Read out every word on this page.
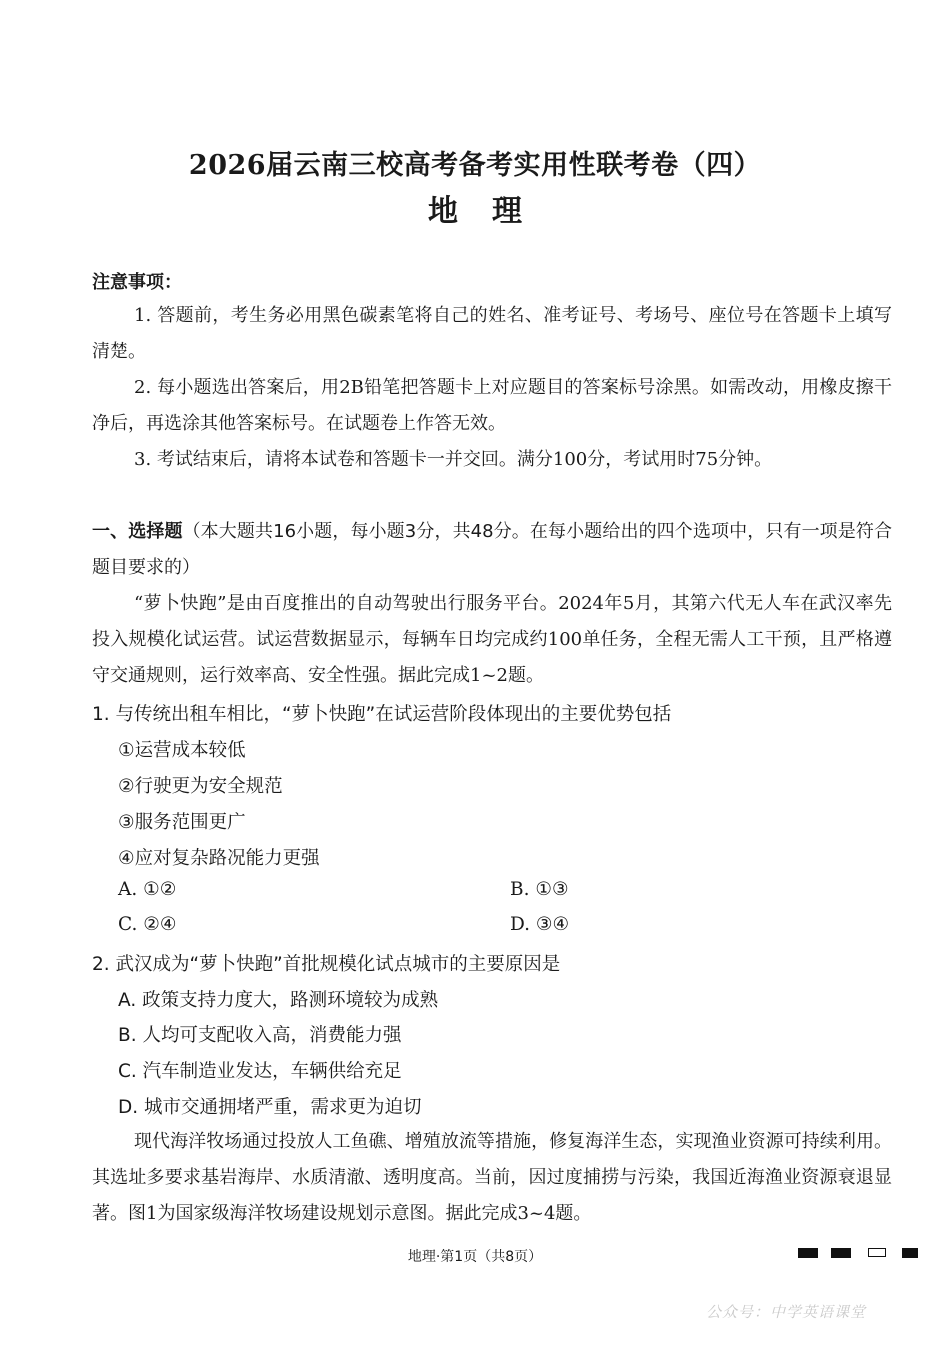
2026届云南三校高考备考实用性联考卷（四）
地 理
注意事项：
1. 答题前，考生务必用黑色碳素笔将自己的姓名、准考证号、考场号、座位号在答题卡上填写清楚。
2. 每小题选出答案后，用2B铅笔把答题卡上对应题目的答案标号涂黑。如需改动，用橡皮擦干净后，再选涂其他答案标号。在试题卷上作答无效。
3. 考试结束后，请将本试卷和答题卡一并交回。满分100分，考试用时75分钟。
一、选择题（本大题共16小题，每小题3分，共48分。在每小题给出的四个选项中，只有一项是符合题目要求的）
“萝卜快跑”是由百度推出的自动驾驶出行服务平台。2024年5月，其第六代无人车在武汉率先投入规模化试运营。试运营数据显示，每辆车日均完成约100单任务，全程无需人工干预，且严格遵守交通规则，运行效率高、安全性强。据此完成1~2题。
1. 与传统出租车相比，“萝卜快跑”在试运营阶段体现出的主要优势包括
①运营成本较低
②行驶更为安全规范
③服务范围更广
④应对复杂路况能力更强
A. ①②	B. ①③
C. ②④	D. ③④
2. 武汉成为“萝卜快跑”首批规模化试点城市的主要原因是
A. 政策支持力度大，路测环境较为成熟
B. 人均可支配收入高，消费能力强
C. 汽车制造业发达，车辆供给充足
D. 城市交通拥堵严重，需求更为迫切
现代海洋牧场通过投放人工鱼礁、增殖放流等措施，修复海洋生态，实现渔业资源可持续利用。其选址多要求基岩海岸、水质清澈、透明度高。当前，因过度捕捞与污染，我国近海渔业资源衰退显著。图1为国家级海洋牧场建设规划示意图。据此完成3~4题。
地理·第1页（共8页）
公众号：中学英语课堂
